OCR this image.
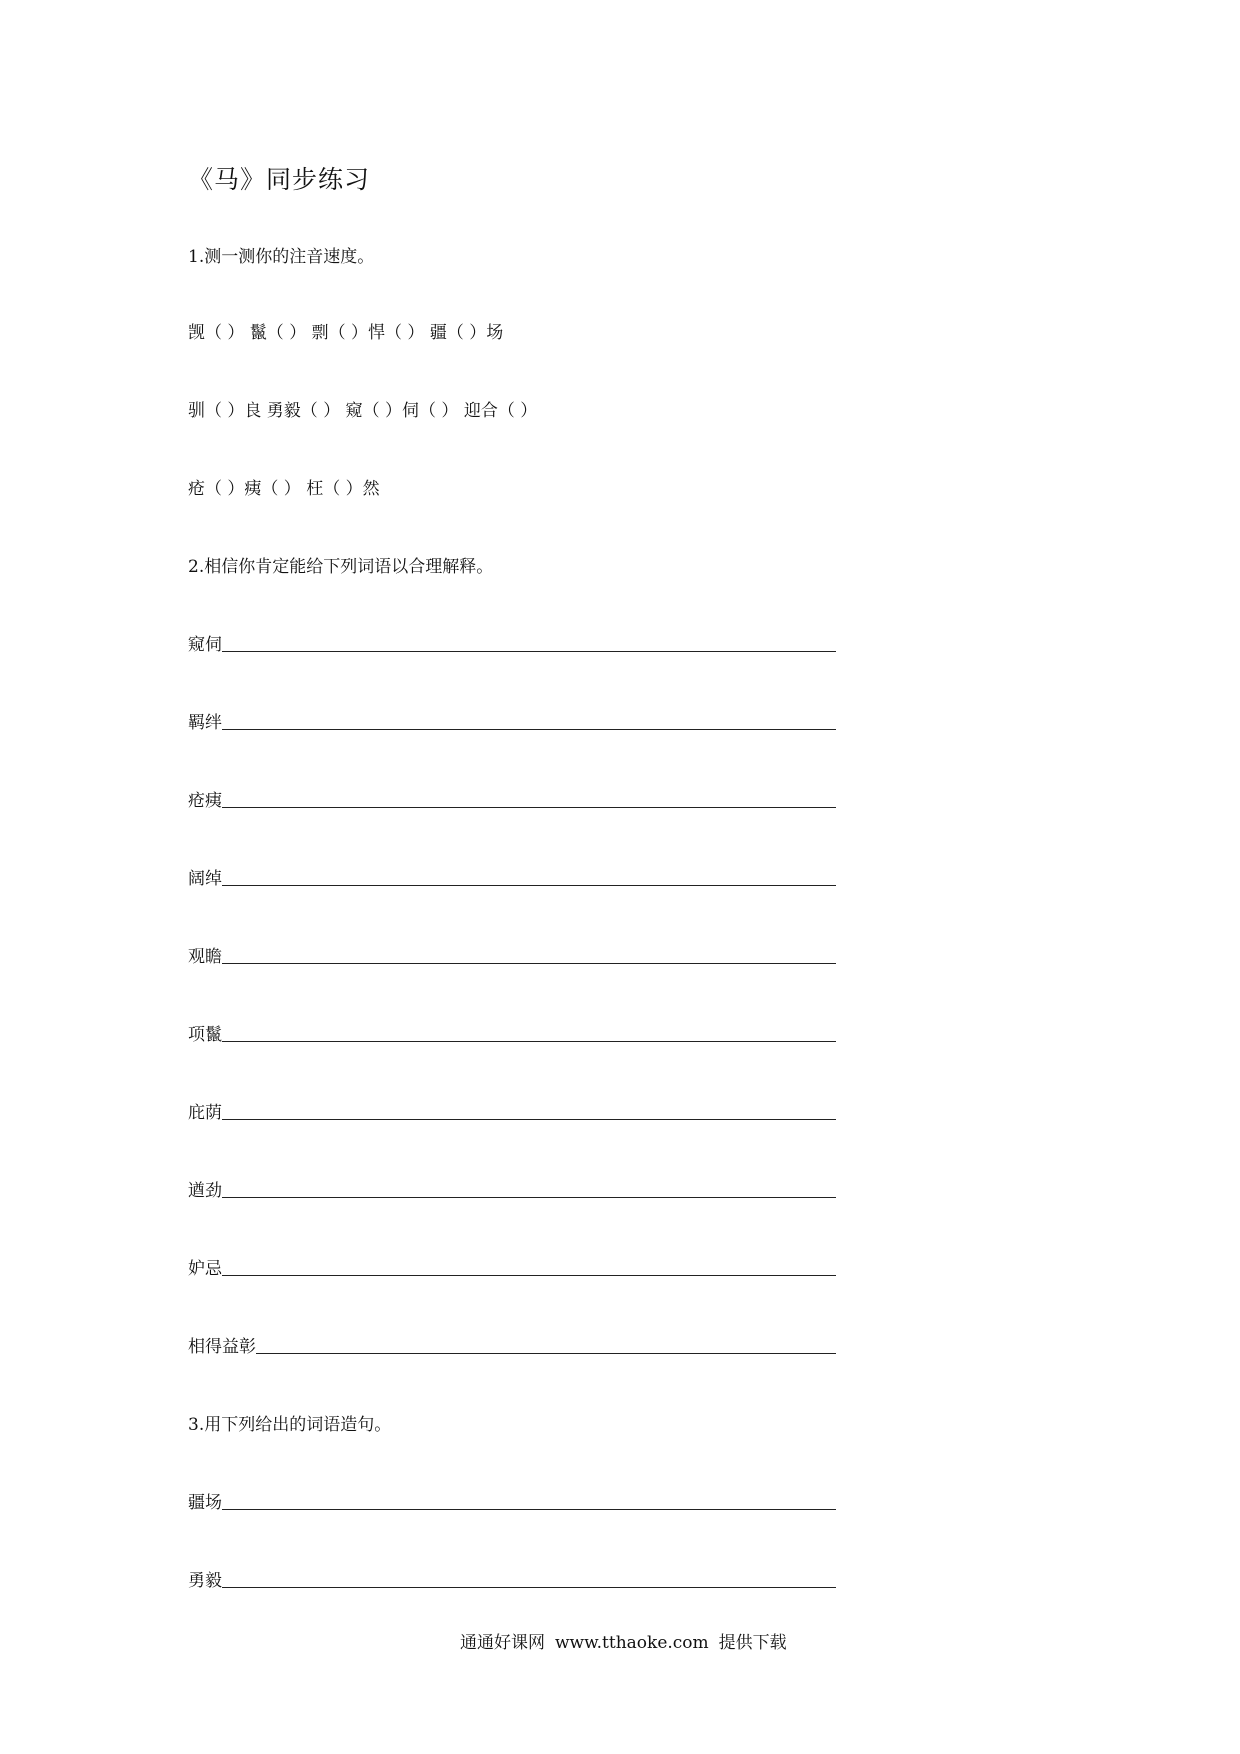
《马》同步练习
1.测一测你的注音速度。
觊（ ） 鬣（ ） 剽（ ）悍（ ） 疆（ ）场
驯（ ）良 勇毅（ ） 窥（ ）伺（ ） 迎合（ ）
疮（ ）痍（ ） 枉（ ）然
2.相信你肯定能给下列词语以合理解释。
窥伺
羁绊
疮痍
阔绰
观瞻
项鬣
庇荫
遒劲
妒忌
相得益彰
3.用下列给出的词语造句。
疆场
勇毅
通通好课网 www.tthaoke.com 提供下载
